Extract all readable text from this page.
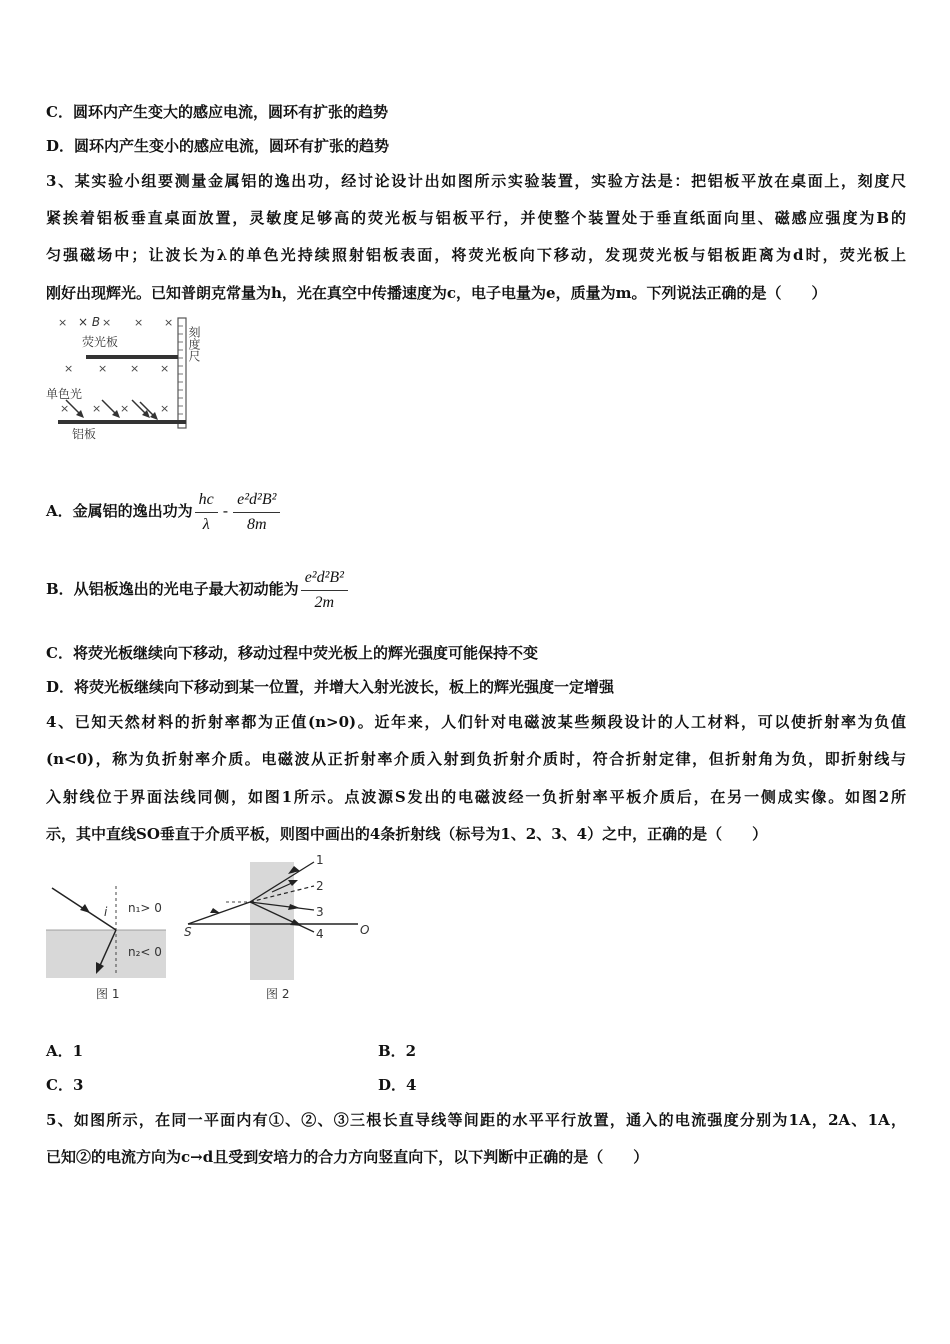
C．圆环内产生变大的感应电流，圆环有扩张的趋势
D．圆环内产生变小的感应电流，圆环有扩张的趋势
3、某实验小组要测量金属铝的逸出功，经讨论设计出如图所示实验装置，实验方法是：把铝板平放在桌面上，刻度尺
紧挨着铝板垂直桌面放置，灵敏度足够高的荧光板与铝板平行，并使整个装置处于垂直纸面向里、磁感应强度为B的
匀强磁场中；让波长为λ的单色光持续照射铝板表面，将荧光板向下移动，发现荧光板与铝板距离为d时，荧光板上
刚好出现辉光。已知普朗克常量为h，光在真空中传播速度为c，电子电量为e，质量为m。下列说法正确的是（　　）
×	× × ×
× × × ×
× × ×	×
× B
荧光板
单色光
铝板
刻度尺
A．金属铝的逸出功为 $\frac{hc}{\lambda} - \frac{\text{e²d²B²}}{8m}$
B．从铝板逸出的光电子最大初动能为 $\frac{\text{e²d²B²}}{2m}$
C．将荧光板继续向下移动，移动过程中荧光板上的辉光强度可能保持不变
D．将荧光板继续向下移动到某一位置，并增大入射光波长，板上的辉光强度一定增强
4、已知天然材料的折射率都为正值(n>0)。近年来，人们针对电磁波某些频段设计的人工材料，可以使折射率为负值
(n<0)，称为负折射率介质。电磁波从正折射率介质入射到负折射介质时，符合折射定律，但折射角为负，即折射线与
入射线位于界面法线同侧，如图1所示。点波源S发出的电磁波经一负折射率平板介质后，在另一侧成实像。如图2所
示，其中直线SO垂直于介质平板，则图中画出的4条折射线（标号为1、2、3、4）之中，正确的是（　　）
i n₁> 0
n₂< 0
图 1
S	O
1
2
3
4
图 2
A．1	B．2
C．3	D．4
5、如图所示，在同一平面内有①、②、③三根长直导线等间距的水平平行放置，通入的电流强度分别为1A，2A、1A，
已知②的电流方向为c→d且受到安培力的合力方向竖直向下，以下判断中正确的是（　　）
